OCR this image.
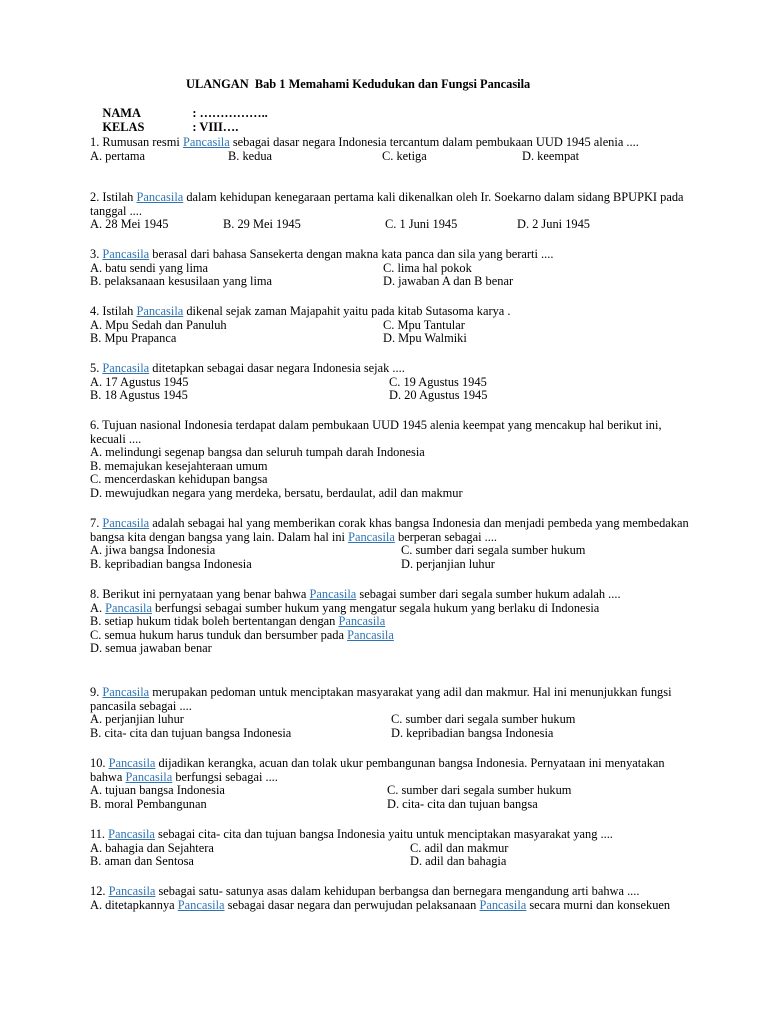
ULANGAN  Bab 1 Memahami Kedudukan dan Fungsi Pancasila

NAMA	: ……………..

KELAS	: VIII….

1. Rumusan resmi Pancasila sebagai dasar negara Indonesia tercantum dalam pembukaan UUD 1945 alenia ....
A. pertama	B. kedua	C. ketiga	D. keempat
2. Istilah Pancasila dalam kehidupan kenegaraan pertama kali dikenalkan oleh Ir. Soekarno dalam sidang BPUPKI pada tanggal ....
A. 28 Mei 1945	B. 29 Mei 1945	C. 1 Juni 1945	D. 2 Juni 1945
3. Pancasila berasal dari bahasa Sansekerta dengan makna kata panca dan sila yang berarti ....
A. batu sendi yang lima	C. lima hal pokok
B. pelaksanaan kesusilaan yang lima	D. jawaban A dan B benar
4. Istilah Pancasila dikenal sejak zaman Majapahit yaitu pada kitab Sutasoma karya .
A. Mpu Sedah dan Panuluh	C. Mpu Tantular
B. Mpu Prapanca	D. Mpu Walmiki
5. Pancasila ditetapkan sebagai dasar negara Indonesia sejak ....
A. 17 Agustus 1945	C. 19 Agustus 1945
B. 18 Agustus 1945	D. 20 Agustus 1945
6. Tujuan nasional Indonesia terdapat dalam pembukaan UUD 1945 alenia keempat yang mencakup hal berikut ini, kecuali ....
A. melindungi segenap bangsa dan seluruh tumpah darah Indonesia
B. memajukan kesejahteraan umum
C. mencerdaskan kehidupan bangsa
D. mewujudkan negara yang merdeka, bersatu, berdaulat, adil dan makmur
7. Pancasila adalah sebagai hal yang memberikan corak khas bangsa Indonesia dan menjadi pembeda yang membedakan bangsa kita dengan bangsa yang lain. Dalam hal ini Pancasila berperan sebagai ....
A. jiwa bangsa Indonesia	C. sumber dari segala sumber hukum
B. kepribadian bangsa Indonesia	D. perjanjian luhur
8. Berikut ini pernyataan yang benar bahwa Pancasila sebagai sumber dari segala sumber hukum adalah ....
A. Pancasila berfungsi sebagai sumber hukum yang mengatur segala hukum yang berlaku di Indonesia
B. setiap hukum tidak boleh bertentangan dengan Pancasila
C. semua hukum harus tunduk dan bersumber pada Pancasila
D. semua jawaban benar
9. Pancasila merupakan pedoman untuk menciptakan masyarakat yang adil dan makmur. Hal ini menunjukkan fungsi pancasila sebagai ....
A. perjanjian luhur	C. sumber dari segala sumber hukum
B. cita- cita dan tujuan bangsa Indonesia	D. kepribadian bangsa Indonesia
10. Pancasila dijadikan kerangka, acuan dan tolak ukur pembangunan bangsa Indonesia. Pernyataan ini menyatakan bahwa Pancasila berfungsi sebagai ....
A. tujuan bangsa Indonesia	C. sumber dari segala sumber hukum
B. moral Pembangunan	D. cita- cita dan tujuan bangsa
11. Pancasila sebagai cita- cita dan tujuan bangsa Indonesia yaitu untuk menciptakan masyarakat yang ....
A. bahagia dan Sejahtera	C. adil dan makmur
B. aman dan Sentosa	D. adil dan bahagia
12. Pancasila sebagai satu- satunya asas dalam kehidupan berbangsa dan bernegara mengandung arti bahwa ....
A. ditetapkannya Pancasila sebagai dasar negara dan perwujudan pelaksanaan Pancasila secara murni dan konsekuen
